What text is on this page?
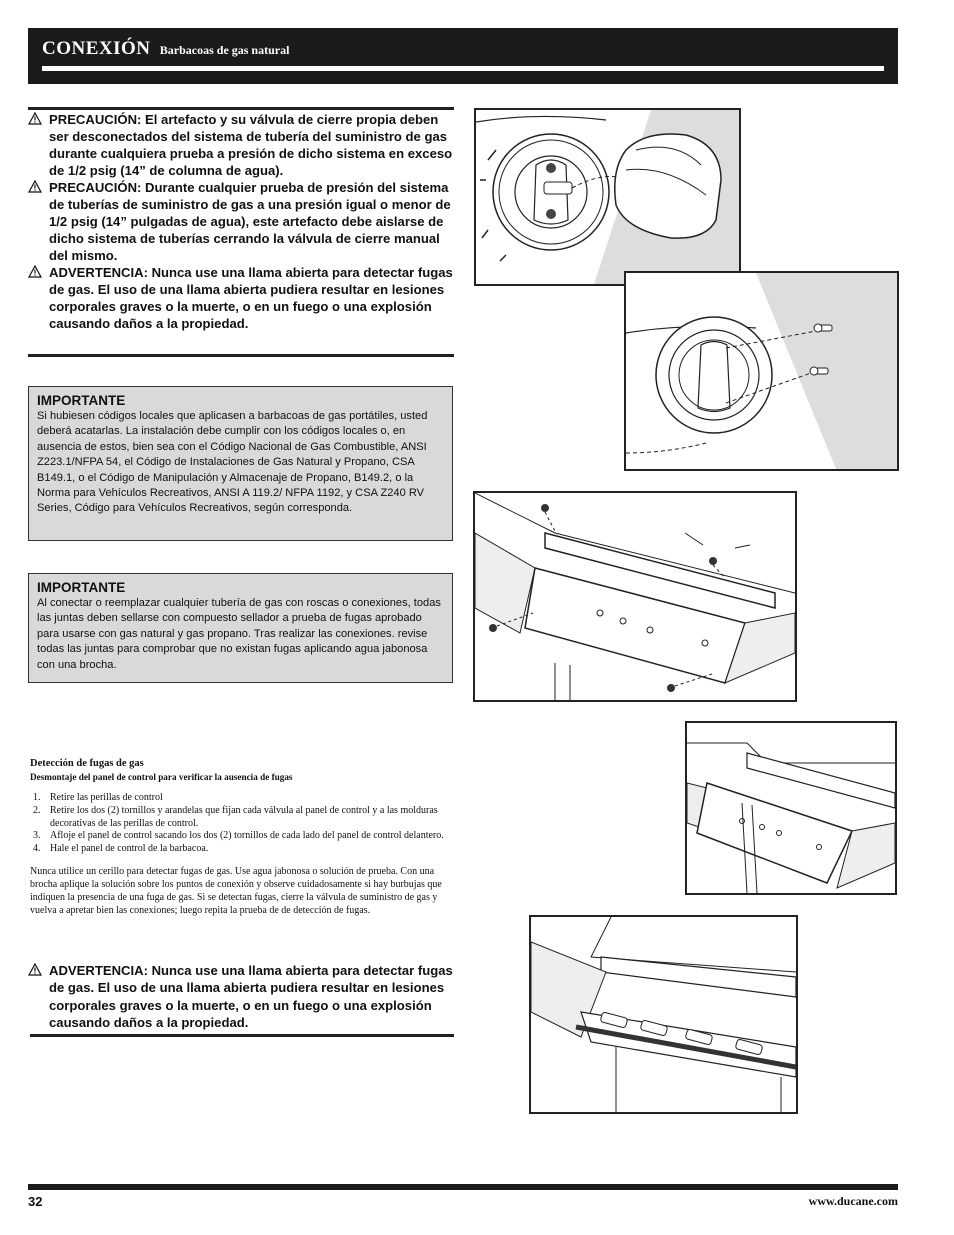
CONEXIÓN Barbacoas de gas natural
PRECAUCIÓN: El artefacto y su válvula de cierre propia deben ser desconectados del sistema de tubería del suministro de gas durante cualquiera prueba a presión de dicho sistema en exceso de 1/2 psig (14” de columna de agua).
PRECAUCIÓN: Durante cualquier prueba de presión del sistema de tuberías de suministro de gas a una presión igual o menor de 1/2 psig (14” pulgadas de agua), este artefacto debe aislarse de dicho sistema de tuberías cerrando la válvula de cierre manual del mismo.
ADVERTENCIA: Nunca use una llama abierta para detectar fugas de gas. El uso de una llama abierta pudiera resultar en lesiones corporales graves o la muerte, o en un fuego o una explosión causando daños a la propiedad.
IMPORTANTE

Si hubiesen códigos locales que aplicasen a barbacoas de gas portátiles, usted deberá acatarlas. La instalación debe cumplir con los códigos locales o, en ausencia de estos, bien sea con el Código Nacional de Gas Combustible, ANSI Z223.1/NFPA 54, el Código de Instalaciones de Gas Natural y Propano, CSA B149.1, o el Código de Manipulación y Almacenaje de Propano, B149.2, o la Norma para Vehículos Recreativos, ANSI A 119.2/ NFPA 1192, y CSA Z240 RV Series, Código para Vehículos Recreativos, según corresponda.

IMPORTANTE

Al conectar o reemplazar cualquier tubería de gas con roscas o conexiones, todas las juntas deben sellarse con compuesto sellador a prueba de fugas aprobado para usarse con gas natural y gas propano. Tras realizar las conexiones. revise todas las juntas para comprobar que no existan fugas aplicando agua jabonosa con una brocha.

Detección de fugas de gas
Desmontaje del panel de control para verificar la ausencia de fugas
1. Retire las perillas de control
2. Retire los dos (2) tornillos y arandelas que fijan cada válvula al panel de control y a las molduras decorativas de las perillas de control.
3. Afloje el panel de control sacando los dos (2) tornillos de cada lado del panel de control delantero.
4. Hale el panel de control de la barbacoa.
Nunca utilice un cerillo para detectar fugas de gas. Use agua jabonosa o solución de prueba. Con una brocha aplique la solución sobre los puntos de conexión y observe cuidadosamente si hay burbujas que indiquen la presencia de una fuga de gas. Si se detectan fugas, cierre la válvula de suministro de gas y vuelva a apretar bien las conexiones; luego repita la prueba de de detección de fugas.
ADVERTENCIA: Nunca use una llama abierta para detectar fugas de gas. El uso de una llama abierta pudiera resultar en lesiones corporales graves o la muerte, o en un fuego o una explosión causando daños a la propiedad.
32	www.ducane.com
